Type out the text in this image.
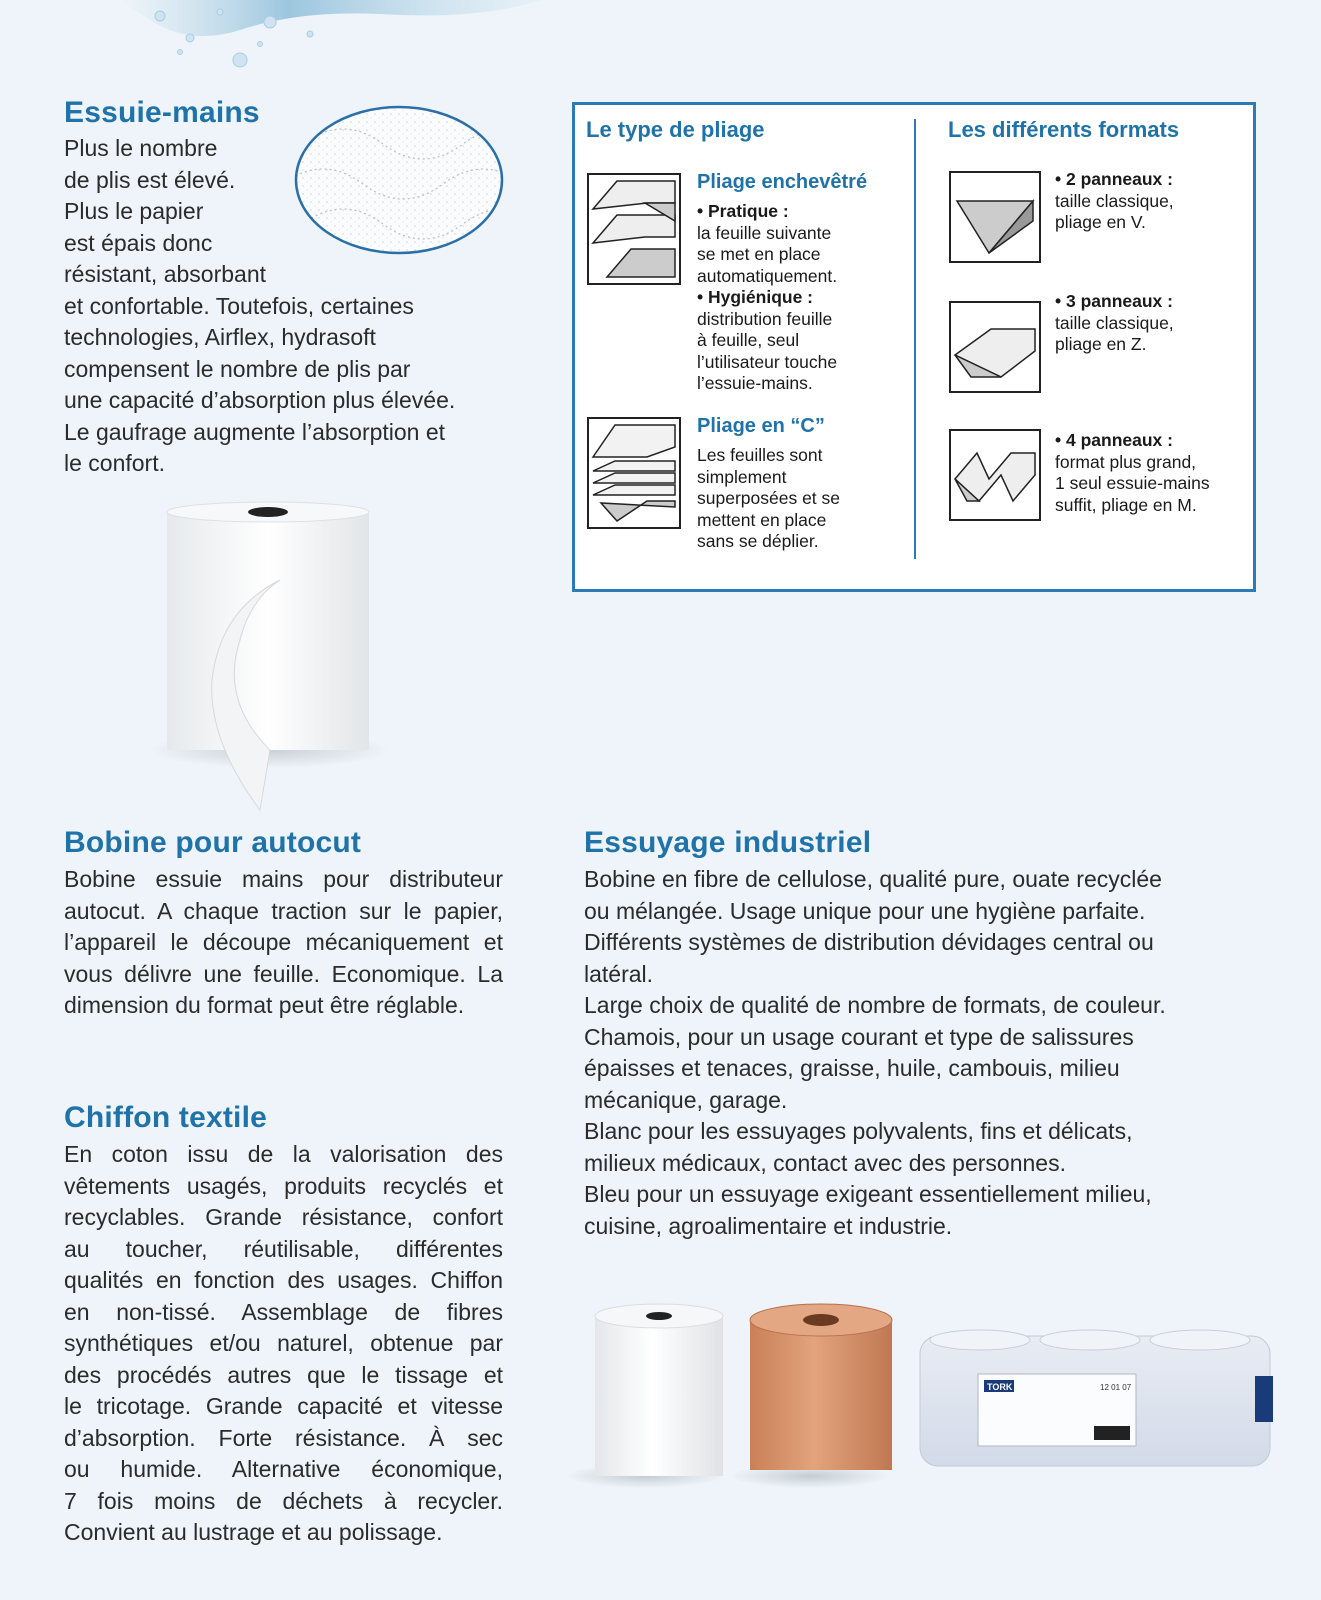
Essuie-mains
Plus le nombre
de plis est élevé.
Plus le papier
est épais donc
résistant, absorbant
et confortable. Toutefois, certaines
technologies, Airflex, hydrasoft
compensent le nombre de plis par
une capacité d’absorption plus élevée.
Le gaufrage augmente l’absorption et
le confort.
Le type de pliage	Les différents formats
Pliage enchevêtré
• Pratique :
la feuille suivante
se met en place
automatiquement.
• Hygiénique :
distribution feuille
à feuille, seul
l’utilisateur touche
l’essuie-mains.
Pliage en “C”
Les feuilles sont
simplement
superposées et se
mettent en place
sans se déplier.
• 2 panneaux :
taille classique,
pliage en V.
• 3 panneaux :
taille classique,
pliage en Z.
• 4 panneaux :
format plus grand,
1 seul essuie-mains
suffit, pliage en M.
Bobine pour autocut
Bobine essuie mains pour distributeur
autocut. A chaque traction sur le papier,
l’appareil le découpe mécaniquement et
vous délivre une feuille. Economique. La
dimension du format peut être réglable.
Chiffon textile
En coton issu de la valorisation des
vêtements usagés, produits recyclés et
recyclables. Grande résistance, confort
au toucher, réutilisable, différentes
qualités en fonction des usages. Chiffon
en non-tissé. Assemblage de fibres
synthétiques et/ou naturel, obtenue par
des procédés autres que le tissage et
le tricotage. Grande capacité et vitesse
d’absorption. Forte résistance. À sec
ou humide. Alternative économique,
7 fois moins de déchets à recycler.
Convient au lustrage et au polissage.
Essuyage industriel
Bobine en fibre de cellulose, qualité pure, ouate recyclée
ou mélangée. Usage unique pour une hygiène parfaite.
Différents systèmes de distribution dévidages central ou
latéral.
Large choix de qualité de nombre de formats, de couleur.
Chamois, pour un usage courant et type de salissures
épaisses et tenaces, graisse, huile, cambouis, milieu
mécanique, garage.
Blanc pour les essuyages polyvalents, fins et délicats,
milieux médicaux, contact avec des personnes.
Bleu pour un essuyage exigeant essentiellement milieu,
cuisine, agroalimentaire et industrie.
TORK	12 01 07
